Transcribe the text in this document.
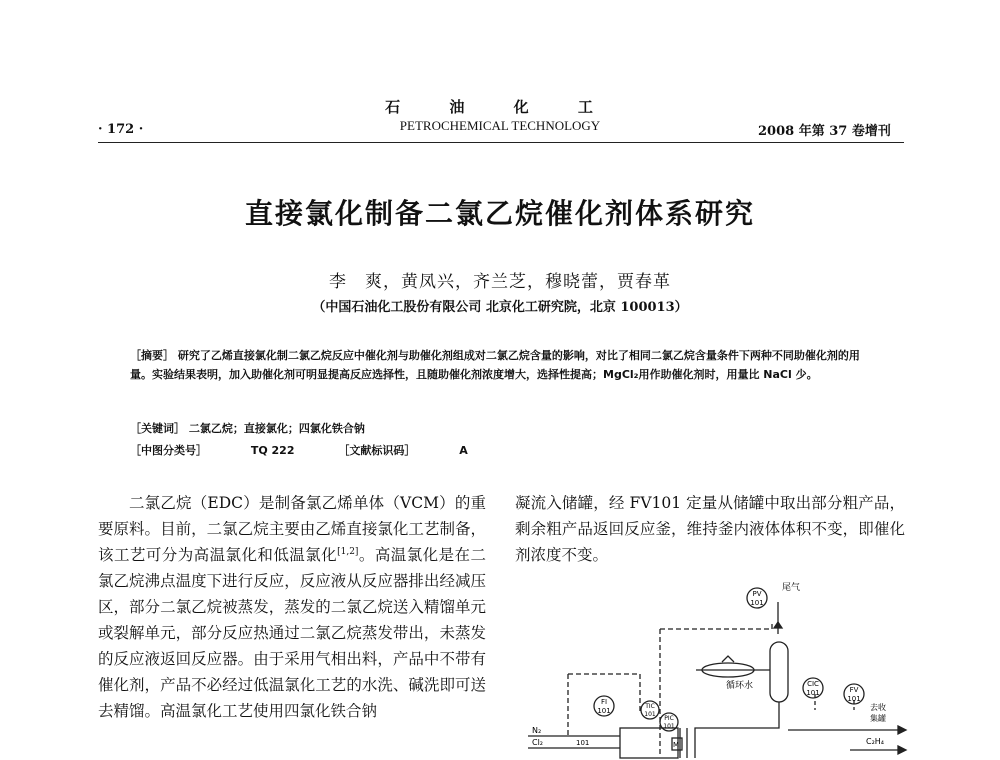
石 油 化 工
PETROCHEMICAL TECHNOLOGY
· 172 ·	2008 年第 37 卷增刊
直接氯化制备二氯乙烷催化剂体系研究
李　爽，黄凤兴，齐兰芝，穆晓蕾，贾春革
（中国石油化工股份有限公司 北京化工研究院，北京 100013）

［摘要］ 研究了乙烯直接氯化制二氯乙烷反应中催化剂与助催化剂组成对二氯乙烷含量的影响，对比了相同二氯乙烷含量条件下两种不同助催化剂的用量。实验结果表明，加入助催化剂可明显提高反应选择性，且随助催化剂浓度增大，选择性提高；MgCl₂用作助催化剂时，用量比 NaCl 少。

［关键词］ 二氯乙烷；直接氯化；四氯化铁合钠
［中图分类号］	TQ 222	［文献标识码］	A

二氯乙烷（EDC）是制备氯乙烯单体（VCM）的重要原料。目前，二氯乙烷主要由乙烯直接氯化工艺制备，该工艺可分为高温氯化和低温氯化[1,2]。高温氯化是在二氯乙烷沸点温度下进行反应，反应液从反应器排出经减压区，部分二氯乙烷被蒸发，蒸发的二氯乙烷送入精馏单元或裂解单元，部分反应热通过二氯乙烷蒸发带出，未蒸发的反应液返回反应器。由于采用气相出料，产品中不带有催化剂，产品不必经过低温氯化工艺的水洗、碱洗即可送去精馏。高温氯化工艺使用四氯化铁合钠

凝流入储罐，经 FV101 定量从储罐中取出部分粗产品，剩余粗产品返回反应釜，维持釜内液体体积不变，即催化剂浓度不变。

尾气
PV
101
循环水
FI
101
TIC
101
PIC
101
CIC
101	FV
101
去收
集罐
N₂
Cl₂	101	M	C₂H₄
